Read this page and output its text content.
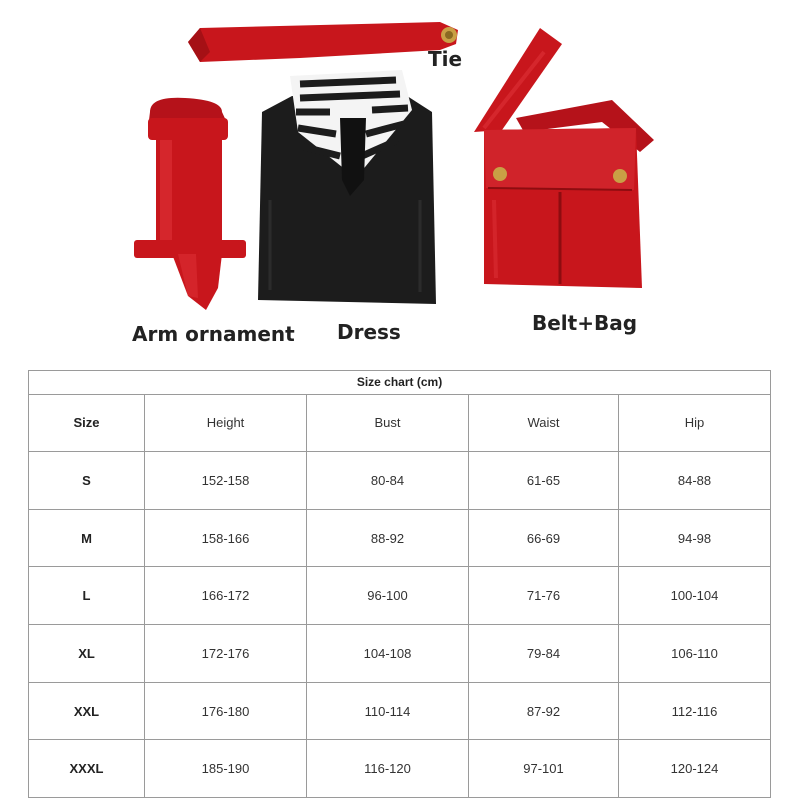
Tie
Arm ornament Dress	Belt+Bag
Size chart (cm)				
Size	Height	Bust	Waist	Hip
S	152-158	80-84	61-65	84-88
M	158-166	88-92	66-69	94-98
L	166-172	96-100	71-76	100-104
XL	172-176	104-108	79-84	106-110
XXL	176-180	110-114	87-92	112-116
XXXL	185-190	116-120	97-101	120-124
